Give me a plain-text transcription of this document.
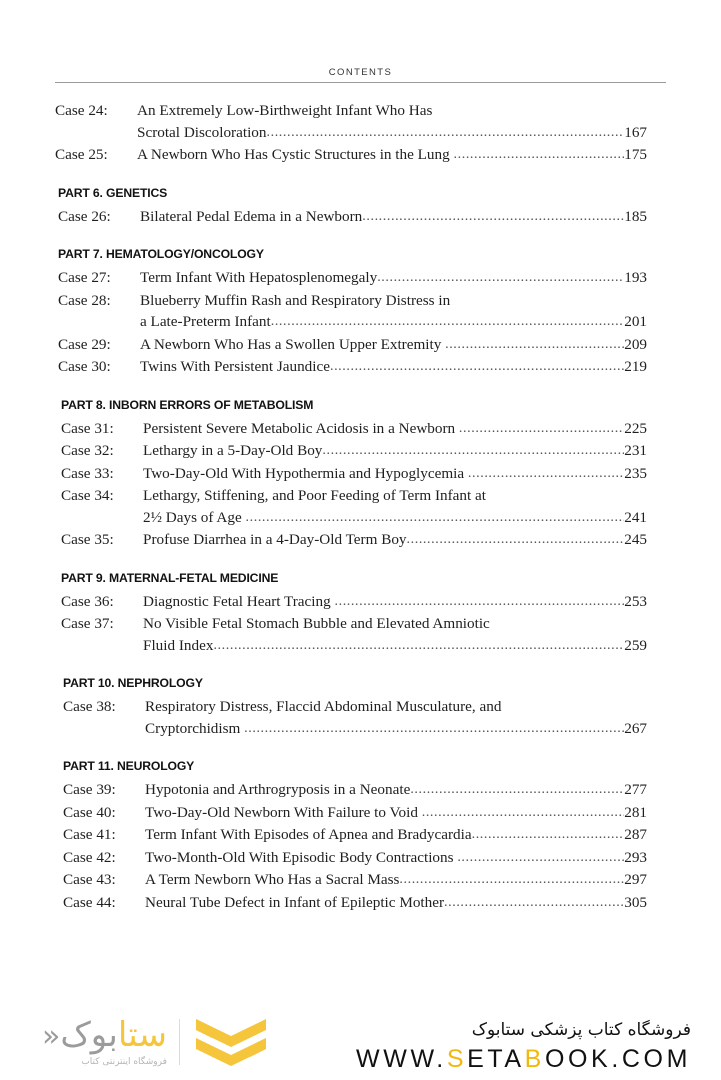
CONTENTS
Case 24:	An Extremely Low-Birthweight Infant Who Has
Scrotal Discoloration .....	167
Case 25:	A Newborn Who Has Cystic Structures in the Lung .....	175
PART 6. GENETICS
Case 26:	Bilateral Pedal Edema in a Newborn .....	185
PART 7. HEMATOLOGY/ONCOLOGY
Case 27:	Term Infant With Hepatosplenomegaly .....	193
Case 28:	Blueberry Muffin Rash and Respiratory Distress in
a Late-Preterm Infant .....	201
Case 29:	A Newborn Who Has a Swollen Upper Extremity .....	209
Case 30:	Twins With Persistent Jaundice .....	219
PART 8. INBORN ERRORS OF METABOLISM
Case 31:	Persistent Severe Metabolic Acidosis in a Newborn .....	225
Case 32:	Lethargy in a 5-Day-Old Boy .....	231
Case 33:	Two-Day-Old With Hypothermia and Hypoglycemia .....	235
Case 34:	Lethargy, Stiffening, and Poor Feeding of Term Infant at
2½ Days of Age .....	241
Case 35:	Profuse Diarrhea in a 4-Day-Old Term Boy .....	245
PART 9. MATERNAL-FETAL MEDICINE
Case 36:	Diagnostic Fetal Heart Tracing .....	253
Case 37:	No Visible Fetal Stomach Bubble and Elevated Amniotic
Fluid Index .....	259
PART 10. NEPHROLOGY
Case 38:	Respiratory Distress, Flaccid Abdominal Musculature, and
Cryptorchidism .....	267
PART 11. NEUROLOGY
Case 39:	Hypotonia and Arthrogryposis in a Neonate .....	277
Case 40:	Two-Day-Old Newborn With Failure to Void .....	281
Case 41:	Term Infant With Episodes of Apnea and Bradycardia .....	287
Case 42:	Two-Month-Old With Episodic Body Contractions .....	293
Case 43:	A Term Newborn Who Has a Sacral Mass .....	297
Case 44:	Neural Tube Defect in Infant of Epileptic Mother .....	305
ستابوک«
فروشگاه اینترنتی کتاب
فروشگاه کتاب پزشکی ستابوک
WWW.SETABOOK.COM
